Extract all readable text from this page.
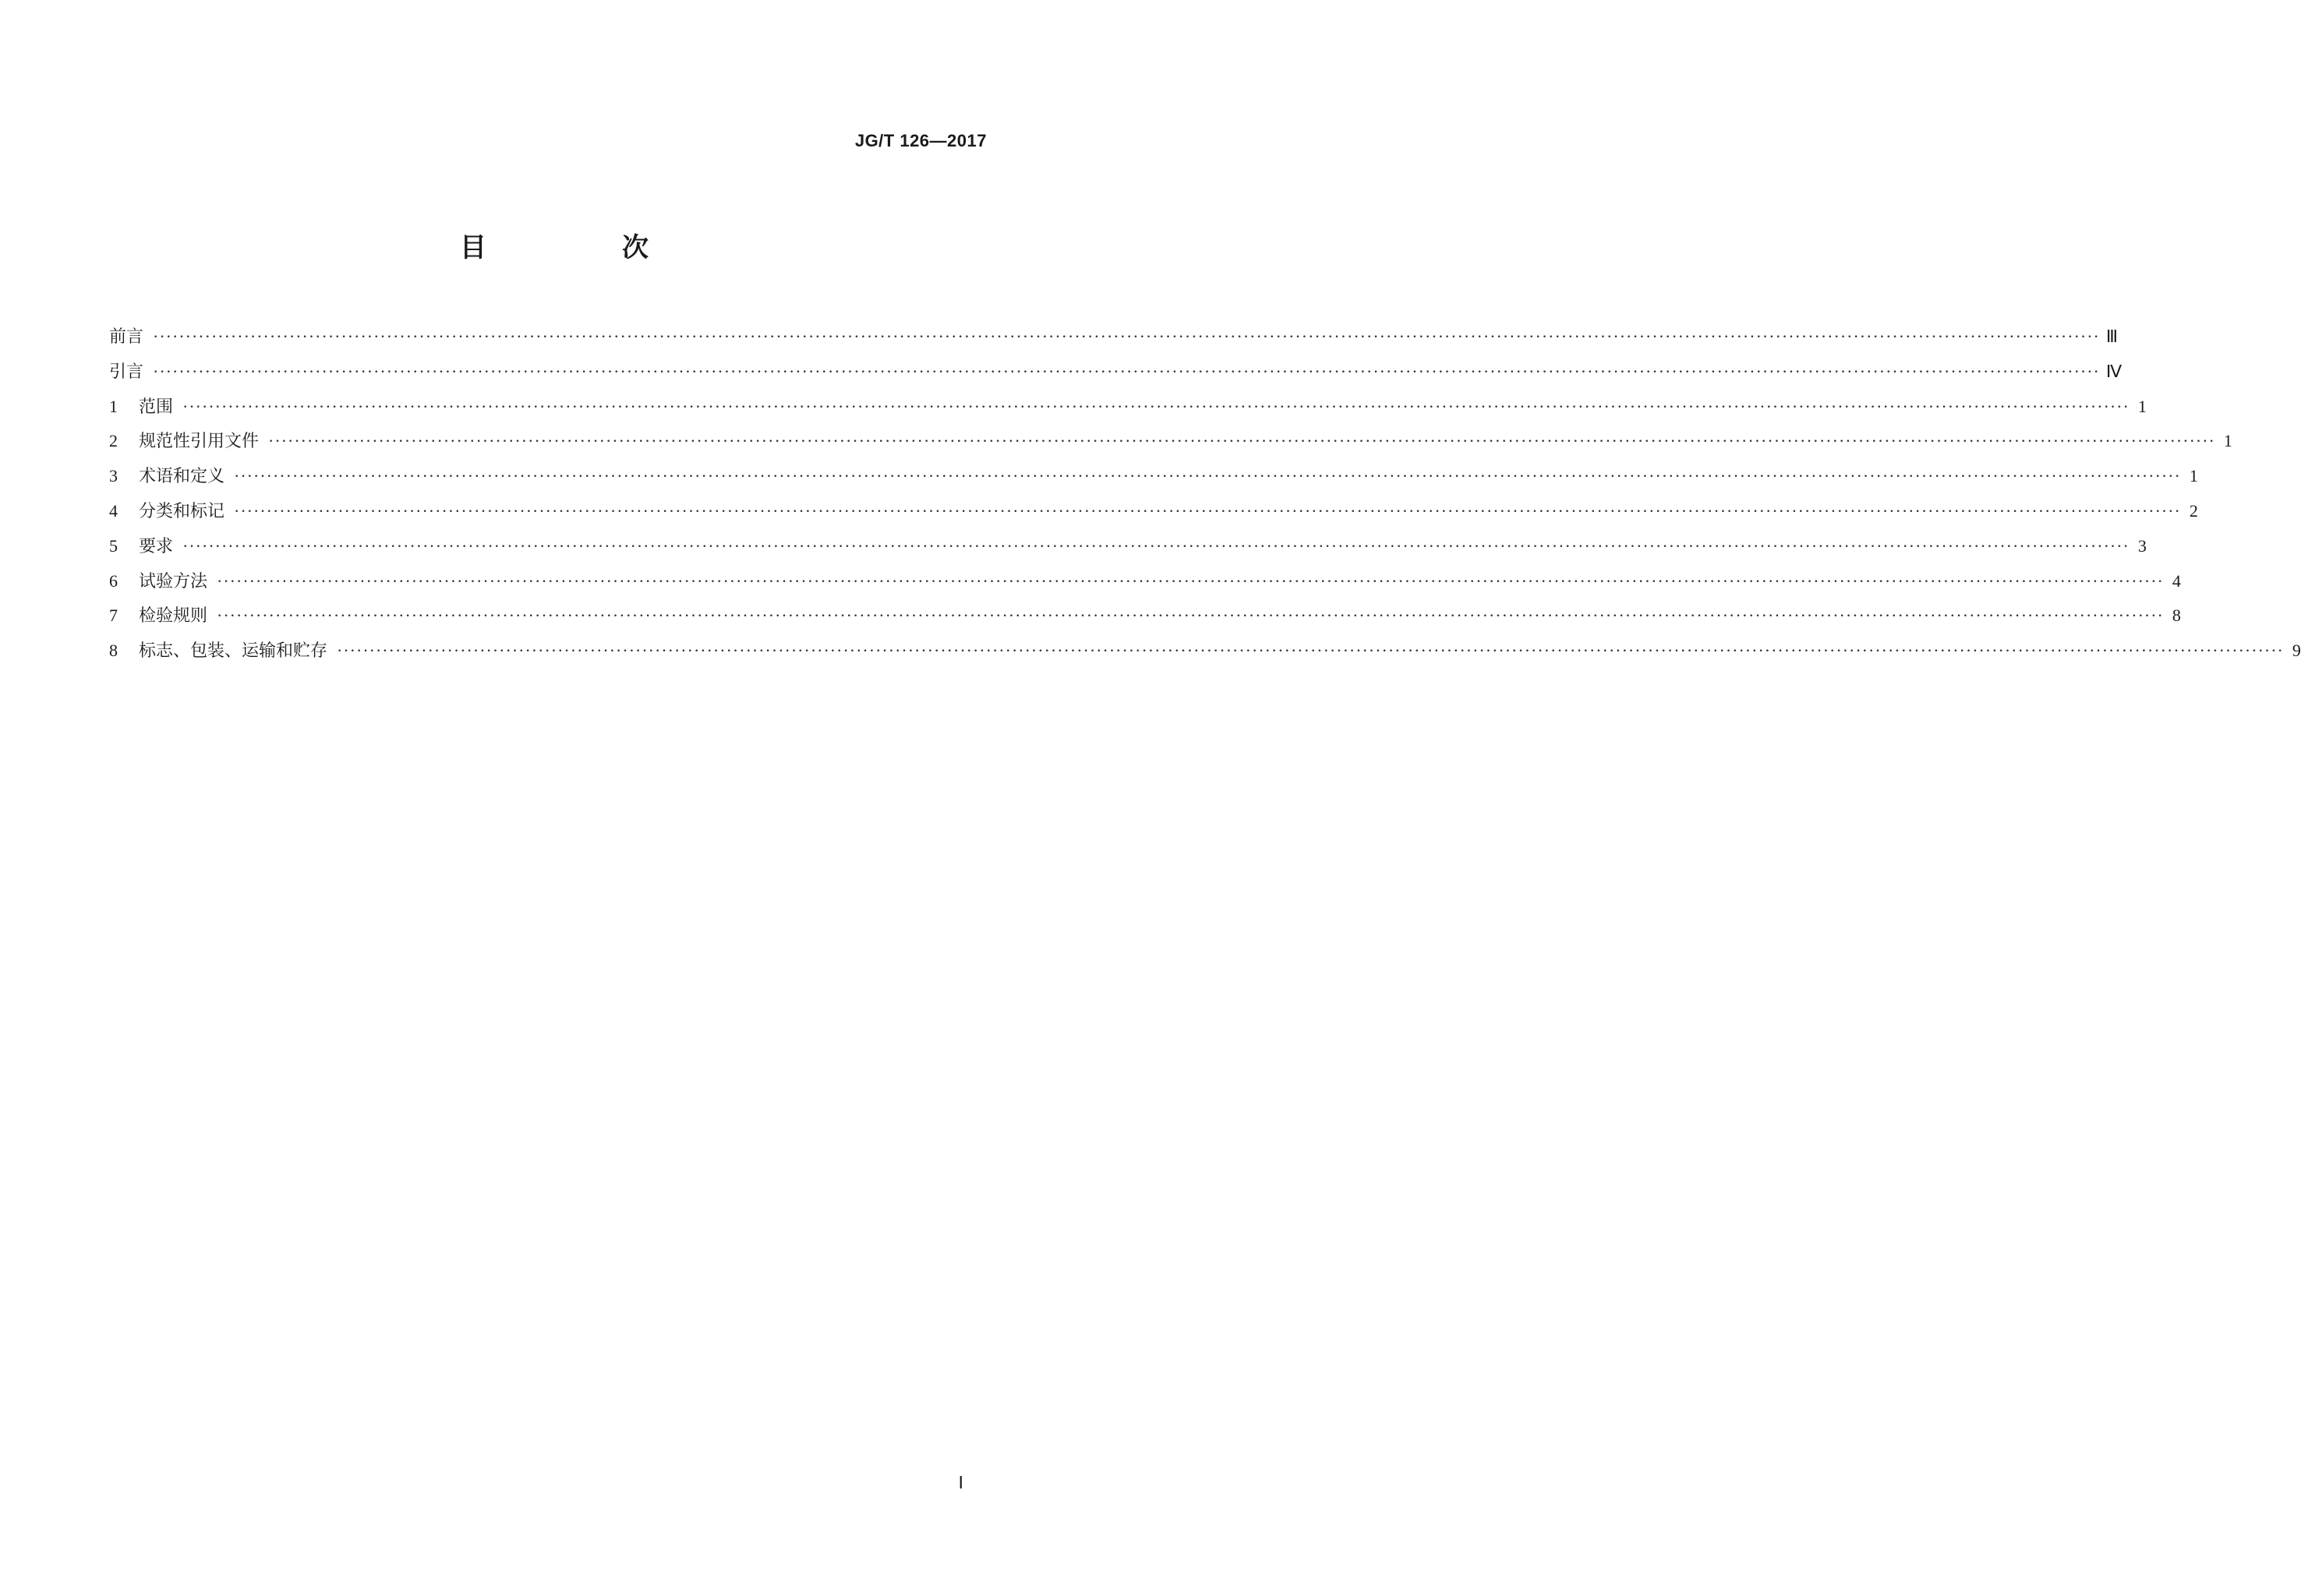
JG/T 126—2017
目　次
前言 ············································································································································································································································································································ Ⅲ
引言 ············································································································································································································································································································ Ⅳ
1	范围 ············································································································································································································································································································ 1
2	规范性引用文件 ············································································································································································································································································································ 1
3	术语和定义 ············································································································································································································································································································ 1
4	分类和标记 ············································································································································································································································································································ 2
5	要求 ············································································································································································································································································································ 3
6	试验方法 ············································································································································································································································································································ 4
7	检验规则 ············································································································································································································································································································ 8
8	标志、包装、运输和贮存 ············································································································································································································································································································ 9
Ⅰ
